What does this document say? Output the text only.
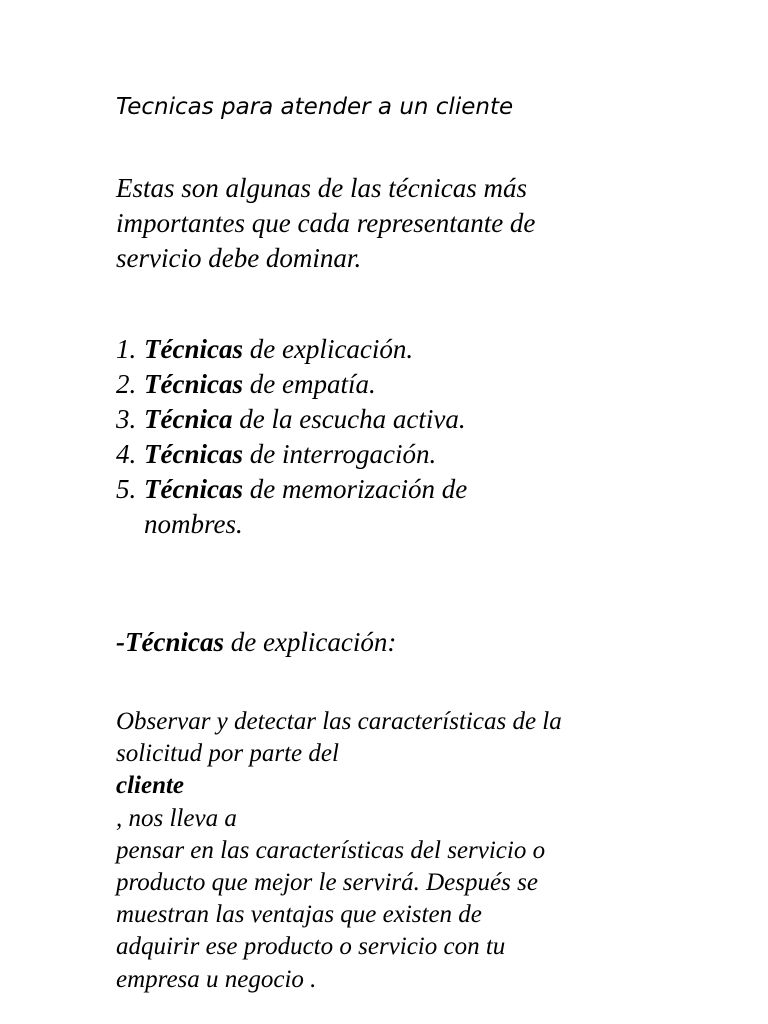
Tecnicas para atender a un cliente
Estas son algunas de las técnicas más
importantes que cada representante de
servicio debe dominar.
1. Técnicas de explicación.
2. Técnicas de empatía.
3. Técnica de la escucha activa.
4. Técnicas de interrogación.
5. Técnicas de memorización de
nombres.
-Técnicas de explicación:
Observar y detectar las características de la
solicitud por parte del
cliente
, nos lleva a
pensar en las características del servicio o
producto que mejor le servirá. Después se
muestran las ventajas que existen de
adquirir ese producto o servicio con tu
empresa u negocio .
